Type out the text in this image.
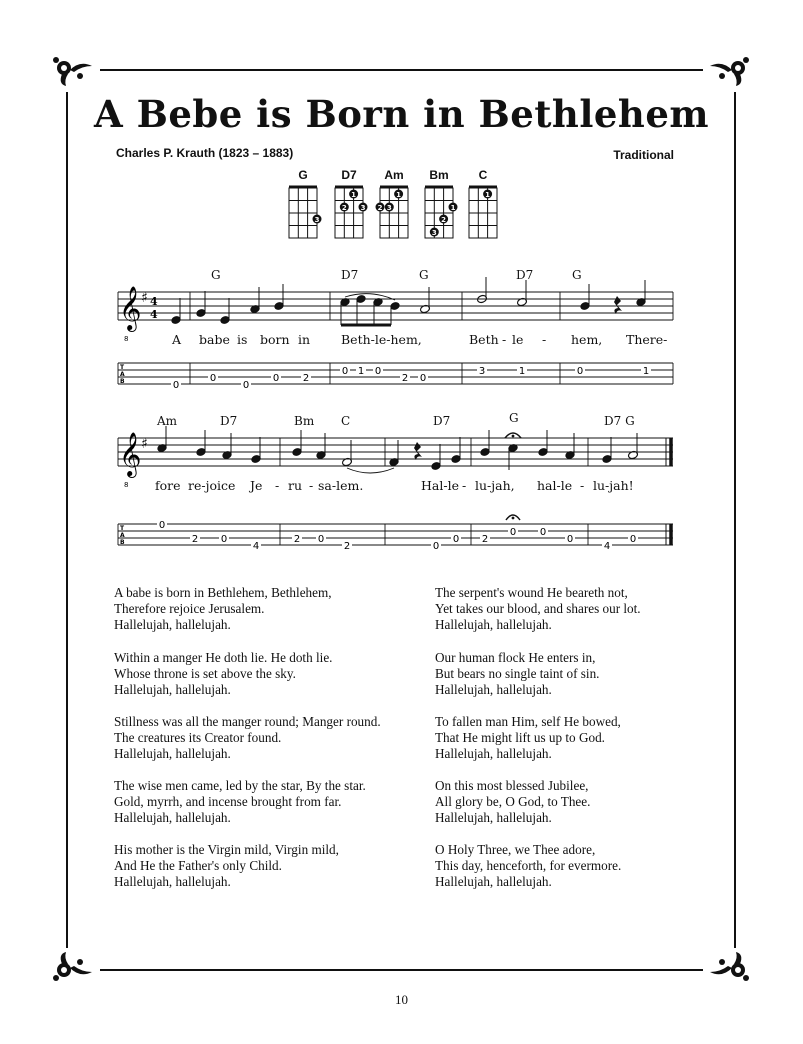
A Bebe is Born in Bethlehem
Charles P. Krauth (1823 – 1883)	Traditional
G
3
D7
1
2 3
Am
1
2 3
Bm
1
2
3
C
1
G	D7	G	D7	G
𝄞
8
♯ 4
4
T
A
B
A babe is born in Beth-le-hem,	Beth - le - hem, There-
0
0
0
0 2
0 1 0
2 0
3	1	0	1
Am	D7	Bm C	D7	G	D7 G
𝄞
8
♯
T
A
B
fore re-joice Je - ru - sa-lem.	Hal-le - lu-jah, hal-le - lu-jah!
0
2 0
4
2 0
2	0
0 2
0 0
0
4
0
A babe is born in Bethlehem, Bethlehem,
Therefore rejoice Jerusalem.
Hallelujah, hallelujah.
Within a manger He doth lie. He doth lie.
Whose throne is set above the sky.
Hallelujah, hallelujah.
Stillness was all the manger round; Manger round.
The creatures its Creator found.
Hallelujah, hallelujah.
The wise men came, led by the star, By the star.
Gold, myrrh, and incense brought from far.
Hallelujah, hallelujah.
His mother is the Virgin mild, Virgin mild,
And He the Father's only Child.
Hallelujah, hallelujah.
The serpent's wound He beareth not,
Yet takes our blood, and shares our lot.
Hallelujah, hallelujah.
Our human flock He enters in,
But bears no single taint of sin.
Hallelujah, hallelujah.
To fallen man Him, self He bowed,
That He might lift us up to God.
Hallelujah, hallelujah.
On this most blessed Jubilee,
All glory be, O God, to Thee.
Hallelujah, hallelujah.
O Holy Three, we Thee adore,
This day, henceforth, for evermore.
Hallelujah, hallelujah.
10
